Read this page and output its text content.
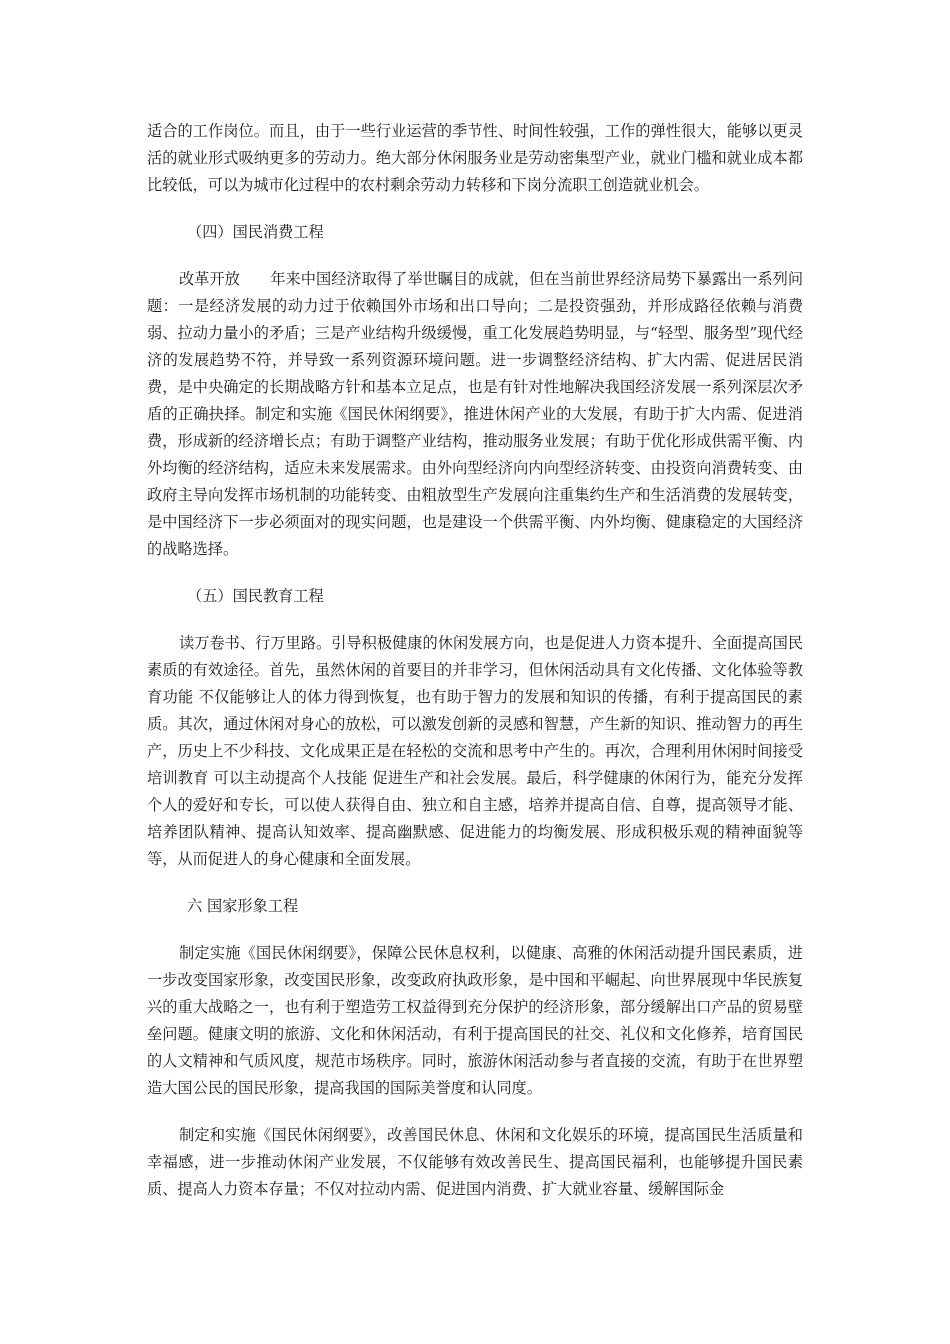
适合的工作岗位。而且，由于一些行业运营的季节性、时间性较强，工作的弹性很大，能够以更灵活的就业形式吸纳更多的劳动力。绝大部分休闲服务业是劳动密集型产业，就业门槛和就业成本都比较低，可以为城市化过程中的农村剩余劳动力转移和下岗分流职工创造就业机会。

（四）国民消费工程

改革开放　　年来中国经济取得了举世瞩目的成就，但在当前世界经济局势下暴露出一系列问题：一是经济发展的动力过于依赖国外市场和出口导向；二是投资强劲，并形成路径依赖与消费弱、拉动力量小的矛盾；三是产业结构升级缓慢，重工化发展趋势明显，与“轻型、服务型”现代经济的发展趋势不符，并导致一系列资源环境问题。进一步调整经济结构、扩大内需、促进居民消费，是中央确定的长期战略方针和基本立足点，也是有针对性地解决我国经济发展一系列深层次矛盾的正确抉择。制定和实施《国民休闲纲要》，推进休闲产业的大发展，有助于扩大内需、促进消费，形成新的经济增长点；有助于调整产业结构，推动服务业发展；有助于优化形成供需平衡、内外均衡的经济结构，适应未来发展需求。由外向型经济向内向型经济转变、由投资向消费转变、由政府主导向发挥市场机制的功能转变、由粗放型生产发展向注重集约生产和生活消费的发展转变，是中国经济下一步必须面对的现实问题，也是建设一个供需平衡、内外均衡、健康稳定的大国经济的战略选择。

（五）国民教育工程

读万卷书、行万里路。引导积极健康的休闲发展方向，也是促进人力资本提升、全面提高国民素质的有效途径。首先，虽然休闲的首要目的并非学习，但休闲活动具有文化传播、文化体验等教育功能 不仅能够让人的体力得到恢复，也有助于智力的发展和知识的传播，有利于提高国民的素质。其次，通过休闲对身心的放松，可以激发创新的灵感和智慧，产生新的知识、推动智力的再生产，历史上不少科技、文化成果正是在轻松的交流和思考中产生的。再次，合理利用休闲时间接受培训教育 可以主动提高个人技能 促进生产和社会发展。最后，科学健康的休闲行为，能充分发挥个人的爱好和专长，可以使人获得自由、独立和自主感，培养并提高自信、自尊，提高领导才能、培养团队精神、提高认知效率、提高幽默感、促进能力的均衡发展、形成积极乐观的精神面貌等等，从而促进人的身心健康和全面发展。

六 国家形象工程

制定实施《国民休闲纲要》，保障公民休息权利，以健康、高雅的休闲活动提升国民素质，进一步改变国家形象，改变国民形象，改变政府执政形象，是中国和平崛起、向世界展现中华民族复兴的重大战略之一，也有利于塑造劳工权益得到充分保护的经济形象，部分缓解出口产品的贸易壁垒问题。健康文明的旅游、文化和休闲活动，有利于提高国民的社交、礼仪和文化修养，培育国民的人文精神和气质风度，规范市场秩序。同时，旅游休闲活动参与者直接的交流，有助于在世界塑造大国公民的国民形象，提高我国的国际美誉度和认同度。

制定和实施《国民休闲纲要》，改善国民休息、休闲和文化娱乐的环境，提高国民生活质量和幸福感，进一步推动休闲产业发展，不仅能够有效改善民生、提高国民福利，也能够提升国民素质、提高人力资本存量；不仅对拉动内需、促进国内消费、扩大就业容量、缓解国际金
